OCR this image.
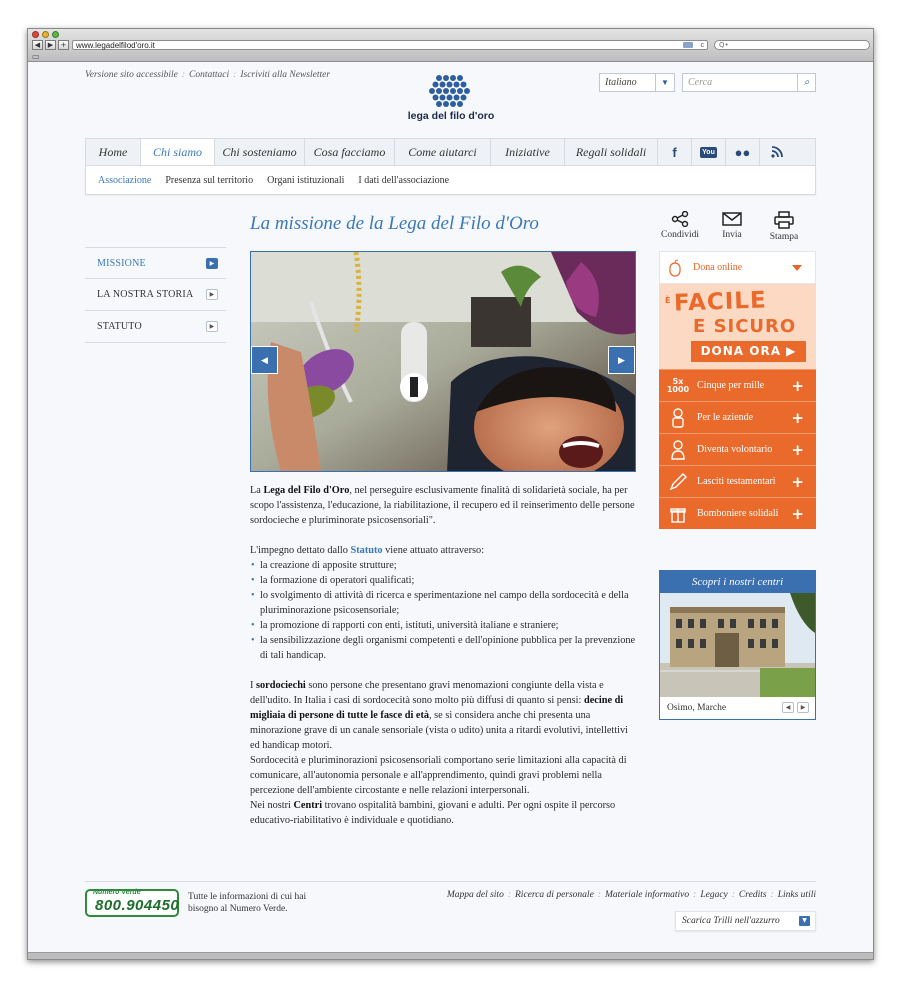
◀	▶	+	www.legadelfilod'oro.it	c	Q•
▭
Versione sito accessibile : Contattaci : Iscriviti alla Newsletter
lega del filo d'oro
Italiano	▼	Cerca	⌕
Home	Chi siamo	Chi sosteniamo	Cosa facciamo	Come aiutarci	Iniziative	Regali solidali	f	You	●●
Associazione Presenza sul territorio Organi istituzionali I dati dell'associazione
La missione de la Lega del Filo d'Oro
Condividi	Invia	Stampa
MISSIONE	▶
LA NOSTRA STORIA	▶
STATUTO	▶
◀	▶

La Lega del Filo d'Oro, nel perseguire esclusivamente finalità di solidarietà sociale, ha per scopo l'assistenza, l'educazione, la riabilitazione, il recupero ed il reinserimento delle persone sordocieche e pluriminorate psicosensoriali".

L'impegno dettato dallo Statuto viene attuato attraverso:

• la creazione di apposite strutture;
• la formazione di operatori qualificati;
• lo svolgimento di attività di ricerca e sperimentazione nel campo della sordocecità e della pluriminorazione psicosensoriale;
• la promozione di rapporti con enti, istituti, università italiane e straniere;
• la sensibilizzazione degli organismi competenti e dell'opinione pubblica per la prevenzione di tali handicap.

I sordociechi sono persone che presentano gravi menomazioni congiunte della vista e dell'udito. In Italia i casi di sordocecità sono molto più diffusi di quanto si pensi: decine di migliaia di persone di tutte le fasce di età, se si considera anche chi presenta una minorazione grave di un canale sensoriale (vista o udito) unita a ritardi evolutivi, intellettivi ed handicap motori.
Sordocecità e pluriminorazioni psicosensoriali comportano serie limitazioni alla capacità di comunicare, all'autonomia personale e all'apprendimento, quindi gravi problemi nella percezione dell'ambiente circostante e nelle relazioni interpersonali.
Nei nostri Centri trovano ospitalità bambini, giovani e adulti. Per ogni ospite il percorso educativo-riabilitativo è individuale e quotidiano.

Dona online
È FACILE
E SICURO
DONA ORA ▶
5x
1000 Cinque per mille +
Per le aziende	+
Diventa volontario +
Lasciti testamentari +
Bomboniere solidali +
Scopri i nostri centri
Osimo, Marche	◀	▶
Numero Verde
800.904450 Tutte le informazioni di cui hai bisogno al Numero Verde.
Mappa del sito : Ricerca di personale : Materiale informativo : Legacy : Credits : Links utili
Scarica Trilli nell'azzurro	▼
